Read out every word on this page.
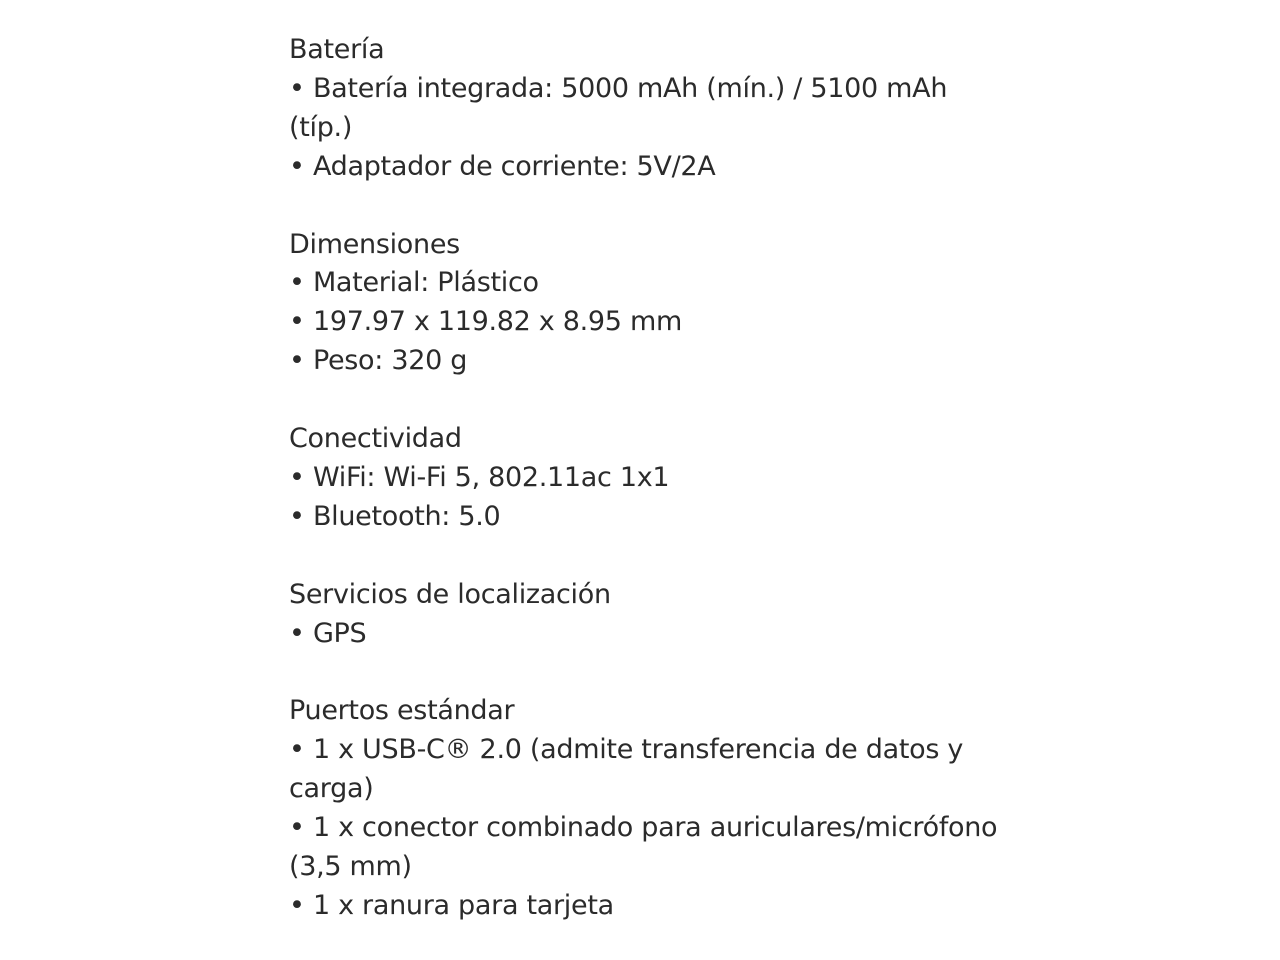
Batería
• Batería integrada: 5000 mAh (mín.) / 5100 mAh (típ.)
• Adaptador de corriente: 5V/2A
Dimensiones
• Material: Plástico
• 197.97 x 119.82 x 8.95 mm
• Peso: 320 g
Conectividad
• WiFi: Wi-Fi 5, 802.11ac 1x1
• Bluetooth: 5.0
Servicios de localización
• GPS
Puertos estándar
• 1 x USB-C® 2.0 (admite transferencia de datos y carga)
• 1 x conector combinado para auriculares/micrófono (3,5 mm)
• 1 x ranura para tarjeta
